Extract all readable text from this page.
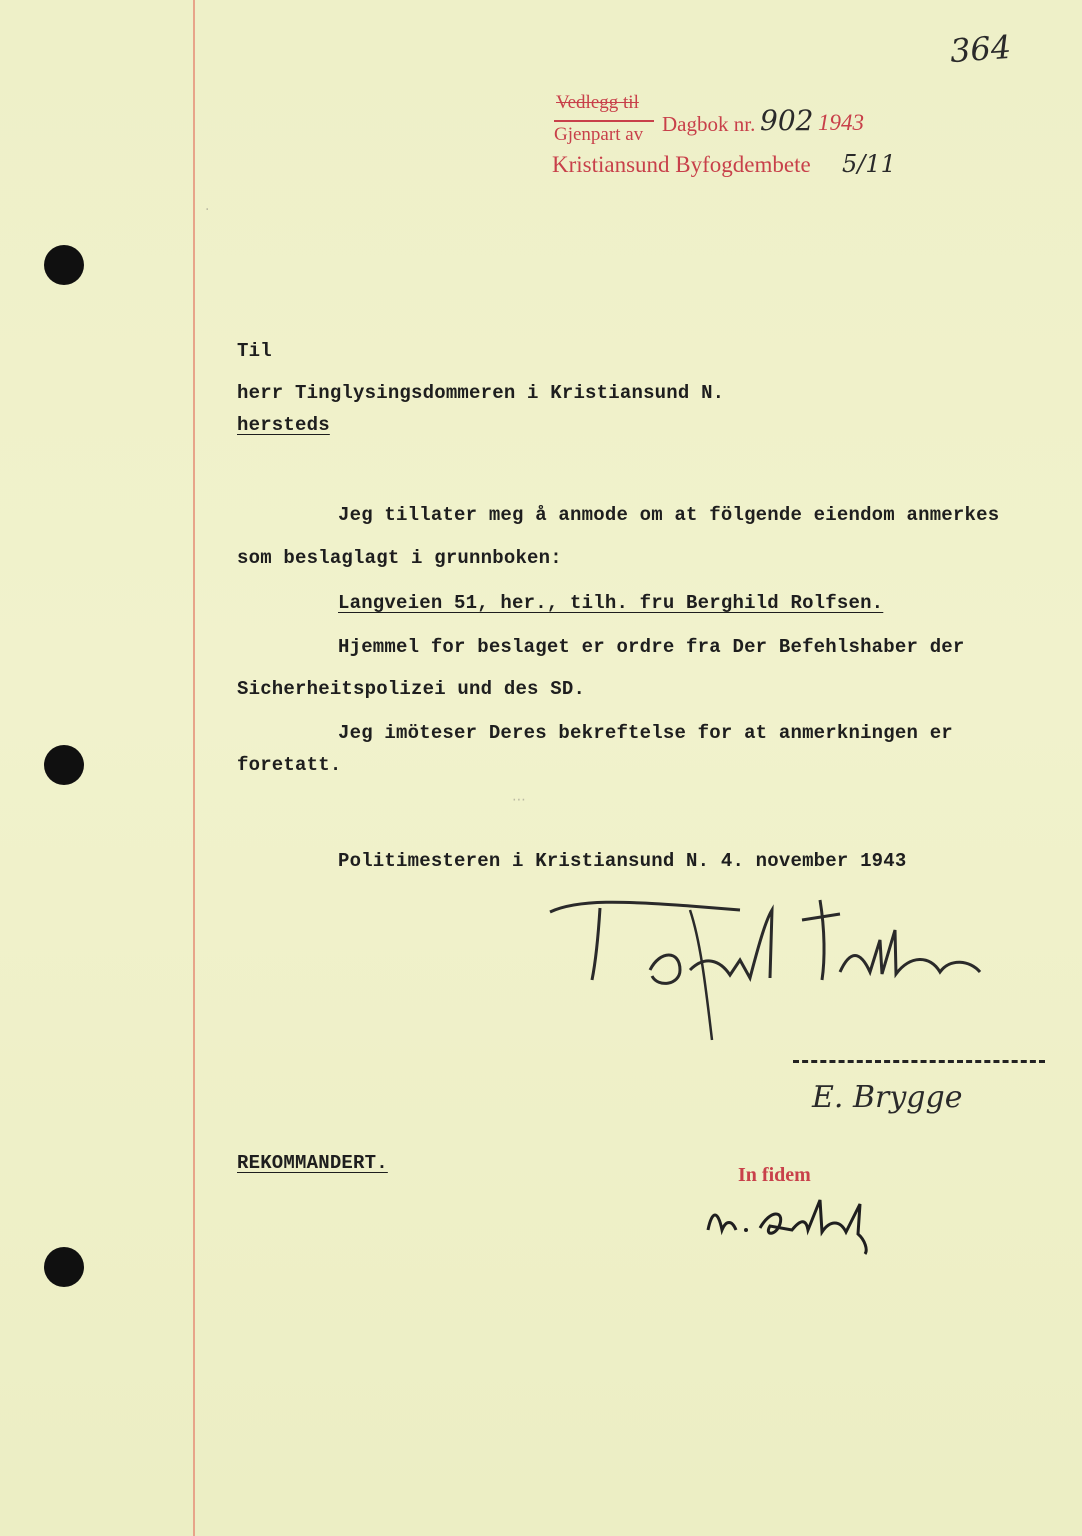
364
Vedlegg til
Gjenpart av Dagbok nr. 902 1943
Kristiansund Byfogdembete 5/11
Til
herr Tinglysingsdommeren i Kristiansund N.
hersteds
Jeg tillater meg å anmode om at fölgende eiendom anmerkes
som beslaglagt i grunnboken:
Langveien 51, her., tilh. fru Berghild Rolfsen.
Hjemmel for beslaget er ordre fra Der Befehlshaber der
Sicherheitspolizei und des SD.
Jeg imöteser Deres bekreftelse for at anmerkningen er
foretatt.
Politimesteren i Kristiansund N. 4. november 1943
E. Brygge
REKOMMANDERT.
In fidem
⋯
·
